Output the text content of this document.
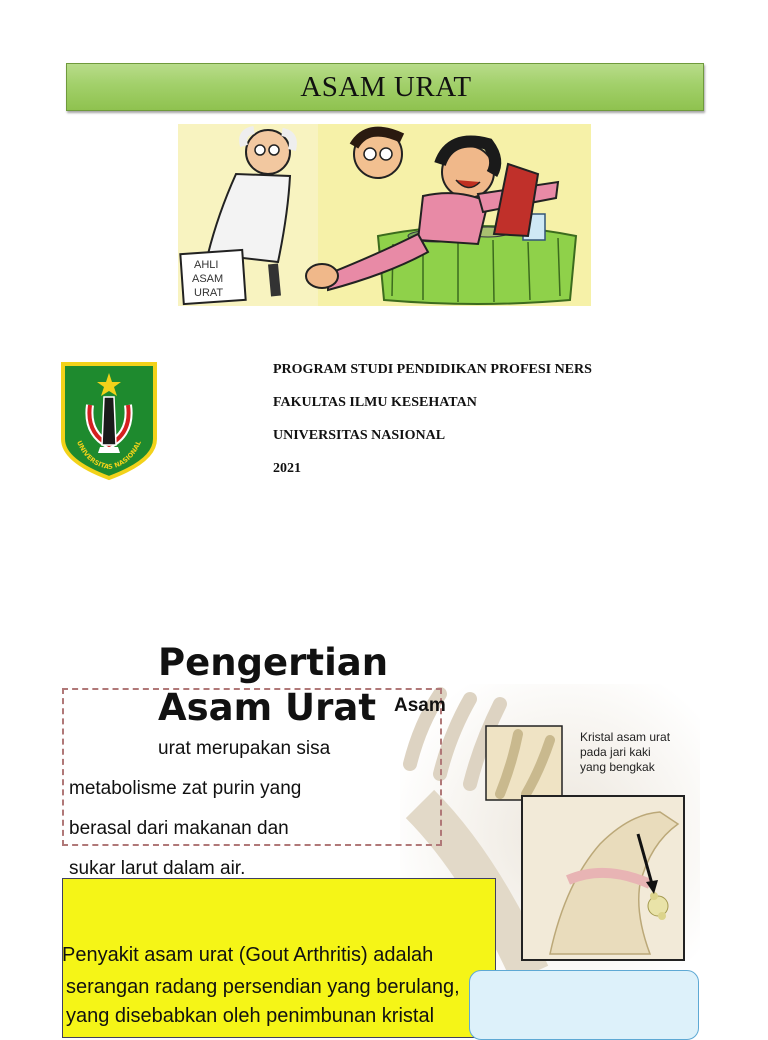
ASAM URAT
AHLI
ASAM
URAT
UNIVERSITAS NASIONAL
PROGRAM STUDI PENDIDIKAN PROFESI NERS
FAKULTAS ILMU KESEHATAN
UNIVERSITAS NASIONAL
2021
Kristal asam urat
pada jari kaki
yang bengkak
Pengertian
Asam Urat Asam
urat merupakan sisa
metabolisme zat purin yang
berasal dari makanan dan
sukar larut dalam air.
Penyakit asam urat (Gout Arthritis) adalah
serangan radang persendian yang berulang,
yang disebabkan oleh penimbunan kristal
